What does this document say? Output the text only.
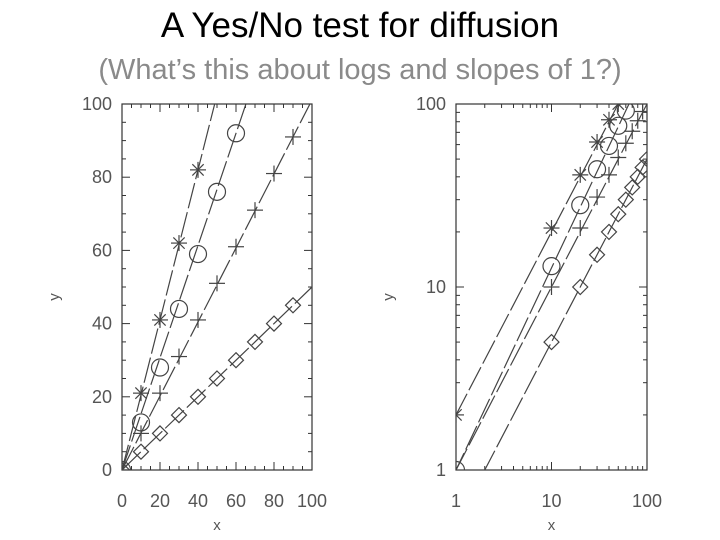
A Yes/No test for diffusion
(What’s this about logs and slopes of 1?)
0 20 40 60 80 100
0
20
40
60
80
100
x
y
1	10	100
1
10
100
x
y
